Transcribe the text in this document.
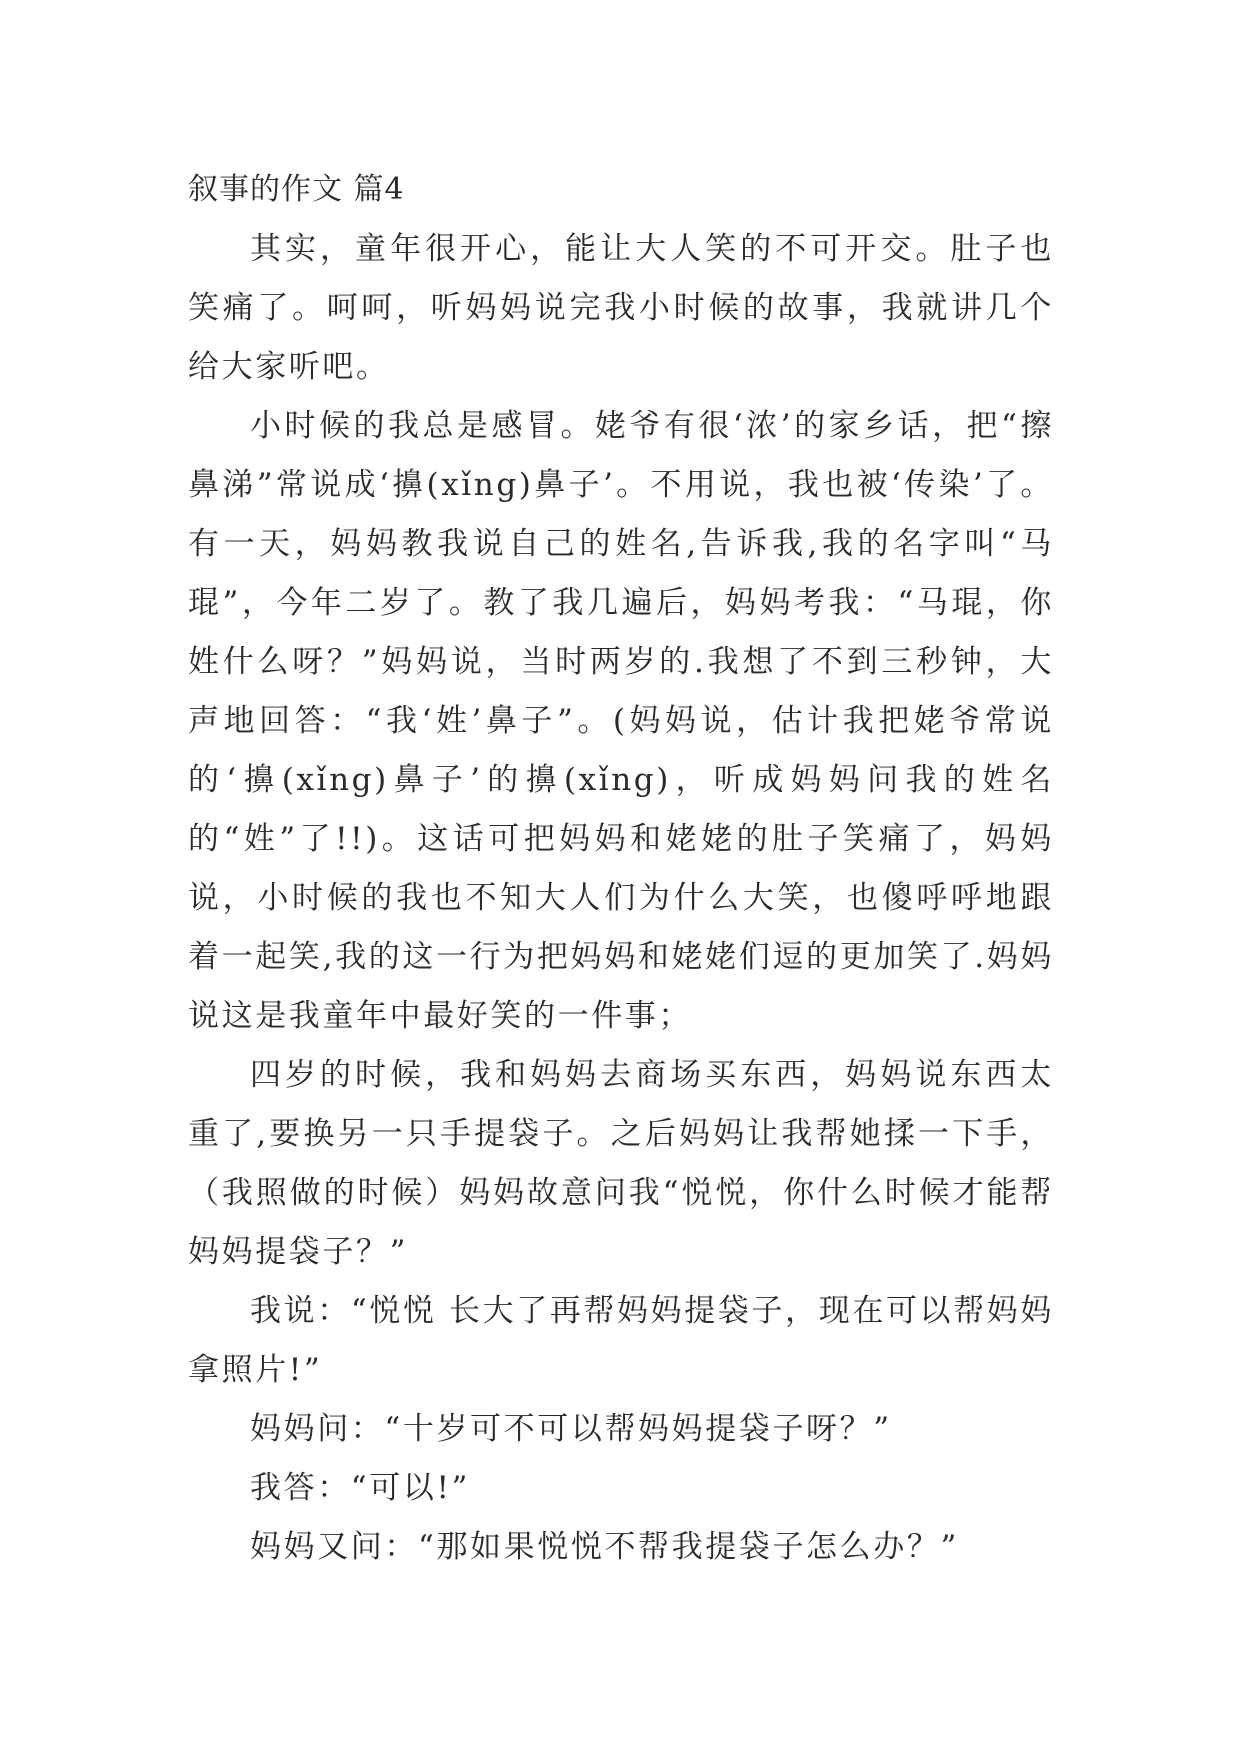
叙事的作文 篇4

其实，童年很开心，能让大人笑的不可开交。肚子也笑痛了。呵呵，听妈妈说完我小时候的故事，我就讲几个给大家听吧。

小时候的我总是感冒。姥爷有很‘浓’的家乡话，把“擦鼻涕”常说成‘擤(xǐng)鼻子’。不用说，我也被‘传染’了。有一天，妈妈教我说自己的姓名,告诉我,我的名字叫“马琨”，今年二岁了。教了我几遍后，妈妈考我：“马琨，你姓什么呀？”妈妈说，当时两岁的.我想了不到三秒钟，大声地回答：“我‘姓’鼻子”。(妈妈说，估计我把姥爷常说的‘擤(xǐng)鼻子’的擤(xǐng)，听成妈妈问我的姓名的“姓”了!!)。这话可把妈妈和姥姥的肚子笑痛了，妈妈说，小时候的我也不知大人们为什么大笑，也傻呼呼地跟着一起笑,我的这一行为把妈妈和姥姥们逗的更加笑了.妈妈说这是我童年中最好笑的一件事；

四岁的时候，我和妈妈去商场买东西，妈妈说东西太重了,要换另一只手提袋子。之后妈妈让我帮她揉一下手，（我照做的时候）妈妈故意问我“悦悦，你什么时候才能帮妈妈提袋子？”

我说：“悦悦 长大了再帮妈妈提袋子，现在可以帮妈妈拿照片!”

妈妈问：“十岁可不可以帮妈妈提袋子呀？”

我答：“可以!”

妈妈又问：“那如果悦悦不帮我提袋子怎么办？”
